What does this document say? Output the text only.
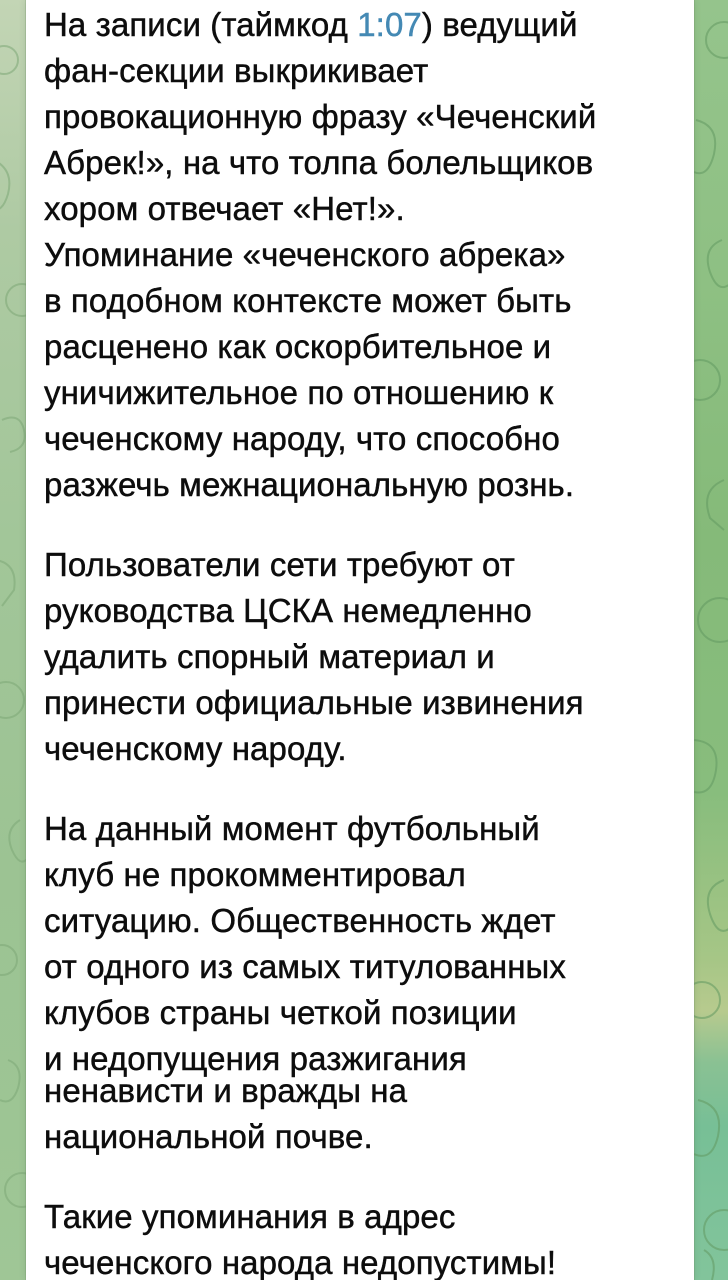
На записи (таймкод 1:07) ведущий
фан-секции выкрикивает
провокационную фразу «Чеченский
Абрек!», на что толпа болельщиков
хором отвечает «Нет!».
Упоминание «чеченского абрека»
в подобном контексте может быть
расценено как оскорбительное и
уничижительное по отношению к
чеченскому народу, что способно
разжечь межнациональную рознь.
Пользователи сети требуют от
руководства ЦСКА немедленно
удалить спорный материал и
принести официальные извинения
чеченскому народу.
На данный момент футбольный
клуб не прокомментировал
ситуацию. Общественность ждет
от одного из самых титулованных
клубов страны четкой позиции
и недопущения разжигания
ненависти и вражды на
национальной почве.
Такие упоминания в адрес
чеченского народа недопустимы!
